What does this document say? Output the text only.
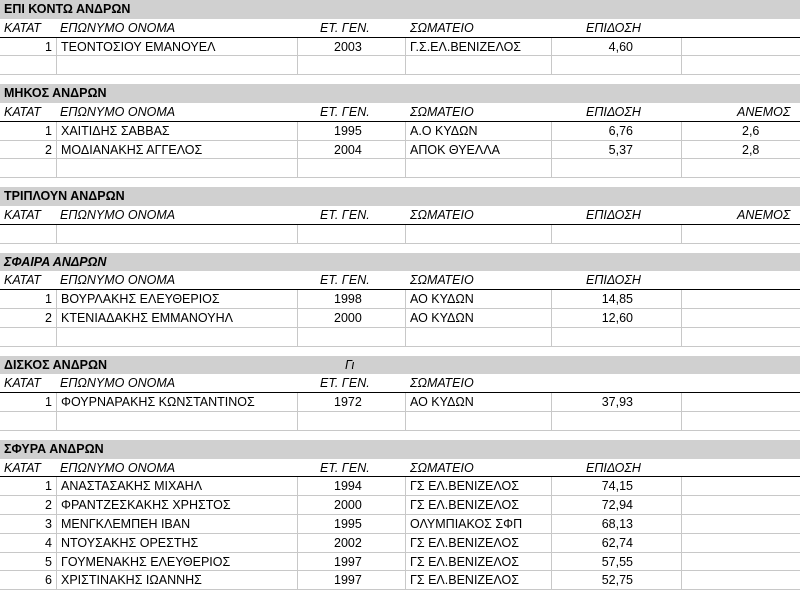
ΕΠΙ ΚΟΝΤΩ ΑΝΔΡΩΝ
ΚΑΤΑΤ	ΕΠΩΝΥΜΟ ΟΝΟΜΑ	ΕΤ. ΓΕΝ.	ΣΩΜΑΤΕΙΟ	ΕΠΙΔΟΣΗ
1 ΤΕΟΝΤΟΣΙΟΥ ΕΜΑΝΟΥΕΛ	2003	Γ.Σ.ΕΛ.ΒΕΝΙΖΕΛΟΣ	4,60
ΜΗΚΟΣ ΑΝΔΡΩΝ
ΚΑΤΑΤ	ΕΠΩΝΥΜΟ ΟΝΟΜΑ	ΕΤ. ΓΕΝ.	ΣΩΜΑΤΕΙΟ	ΕΠΙΔΟΣΗ	ΑΝΕΜΟΣ
1 ΧΑΙΤΙΔΗΣ ΣΑΒΒΑΣ	1995	Α.Ο ΚΥΔΩΝ	6,76	2,6
2 ΜΟΔΙΑΝΑΚΗΣ ΑΓΓΕΛΟΣ	2004	ΑΠΟΚ ΘΥΕΛΛΑ	5,37	2,8
ΤΡΙΠΛΟΥΝ ΑΝΔΡΩΝ
ΚΑΤΑΤ	ΕΠΩΝΥΜΟ ΟΝΟΜΑ	ΕΤ. ΓΕΝ.	ΣΩΜΑΤΕΙΟ	ΕΠΙΔΟΣΗ	ΑΝΕΜΟΣ
ΣΦΑΙΡΑ ΑΝΔΡΩΝ
ΚΑΤΑΤ	ΕΠΩΝΥΜΟ ΟΝΟΜΑ	ΕΤ. ΓΕΝ.	ΣΩΜΑΤΕΙΟ	ΕΠΙΔΟΣΗ
1 ΒΟΥΡΛΑΚΗΣ ΕΛΕΥΘΕΡΙΟΣ	1998	ΑΟ ΚΥΔΩΝ	14,85
2 ΚΤΕΝΙΑΔΑΚΗΣ ΕΜΜΑΝΟΥΗΛ	2000	ΑΟ ΚΥΔΩΝ	12,60
ΔΙΣΚΟΣ ΑΝΔΡΩΝ	Γι
ΚΑΤΑΤ	ΕΠΩΝΥΜΟ ΟΝΟΜΑ	ΕΤ. ΓΕΝ.	ΣΩΜΑΤΕΙΟ
1 ΦΟΥΡΝΑΡΑΚΗΣ ΚΩΝΣΤΑΝΤΙΝΟΣ	1972	ΑΟ ΚΥΔΩΝ	37,93
ΣΦΥΡΑ ΑΝΔΡΩΝ
ΚΑΤΑΤ	ΕΠΩΝΥΜΟ ΟΝΟΜΑ	ΕΤ. ΓΕΝ.	ΣΩΜΑΤΕΙΟ	ΕΠΙΔΟΣΗ
1 ΑΝΑΣΤΑΣΑΚΗΣ ΜΙΧΑΗΛ	1994	ΓΣ ΕΛ.ΒΕΝΙΖΕΛΟΣ	74,15
2 ΦΡΑΝΤΖΕΣΚΑΚΗΣ ΧΡΗΣΤΟΣ	2000	ΓΣ ΕΛ.ΒΕΝΙΖΕΛΟΣ	72,94
3 ΜΕΝΓΚΛΕΜΠΕΗ ΙΒΑΝ	1995	ΟΛΥΜΠΙΑΚΟΣ ΣΦΠ	68,13
4 ΝΤΟΥΣΑΚΗΣ ΟΡΕΣΤΗΣ	2002	ΓΣ ΕΛ.ΒΕΝΙΖΕΛΟΣ	62,74
5 ΓΟΥΜΕΝΑΚΗΣ ΕΛΕΥΘΕΡΙΟΣ	1997	ΓΣ ΕΛ.ΒΕΝΙΖΕΛΟΣ	57,55
6 ΧΡΙΣΤΙΝΑΚΗΣ ΙΩΑΝΝΗΣ	1997	ΓΣ ΕΛ.ΒΕΝΙΖΕΛΟΣ	52,75
